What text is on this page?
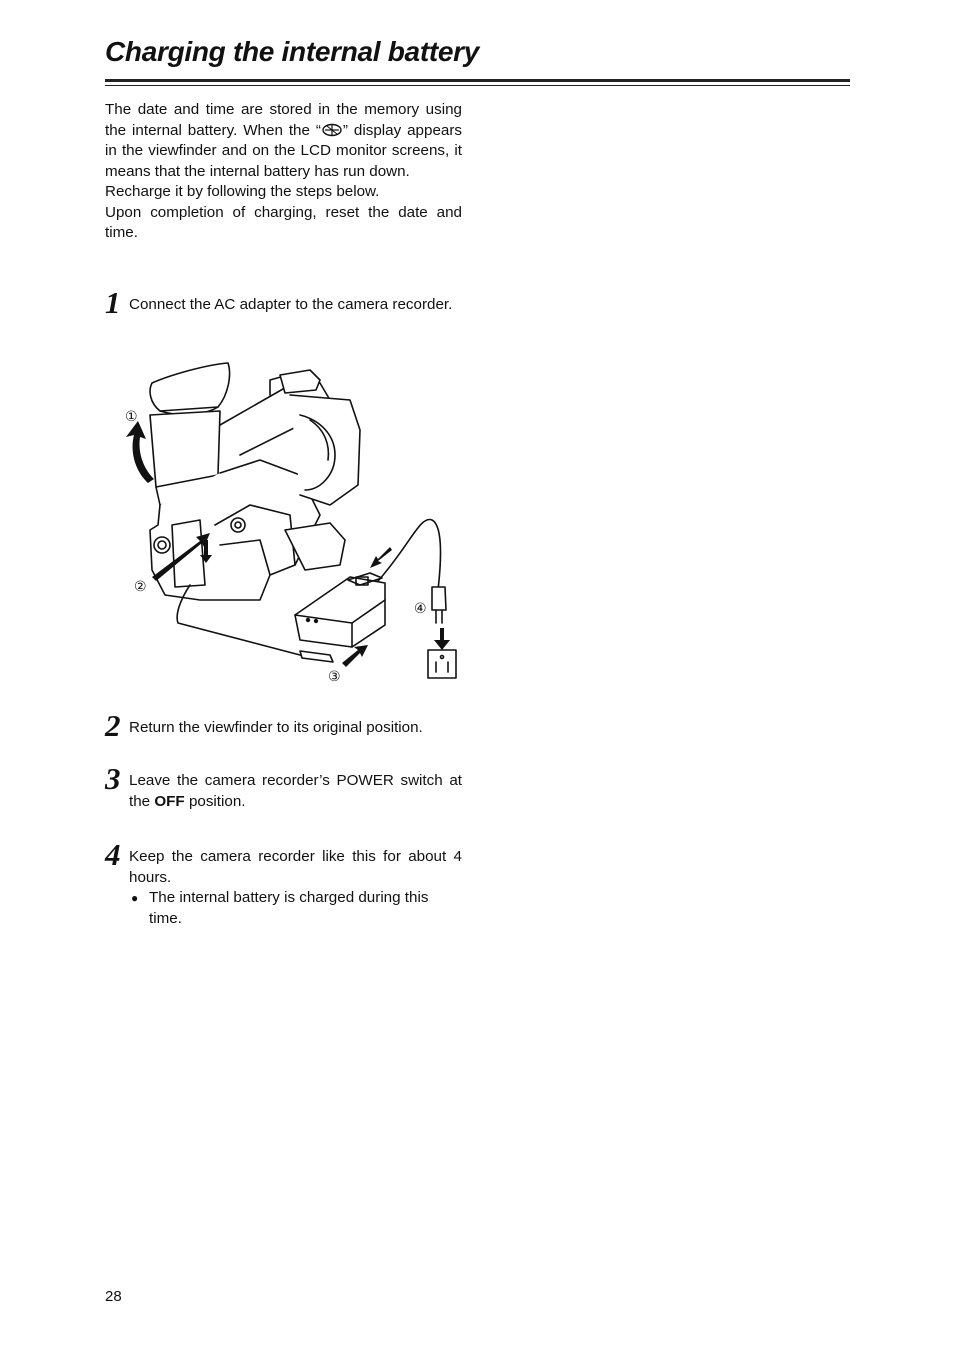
Charging the internal battery

The date and time are stored in the memory using the internal battery. When the “ ” display appears in the viewfinder and on the LCD monitor screens, it means that the internal battery has run down.

Recharge it by following the steps below.

Upon completion of charging, reset the date and time.

1 Connect the AC adapter to the camera recorder.
①
②
③
④
2 Return the viewfinder to its original position.
3 Leave the camera recorder’s POWER switch at the OFF position.
4 Keep the camera recorder like this for about 4 hours.
● The internal battery is charged during this time.
28
